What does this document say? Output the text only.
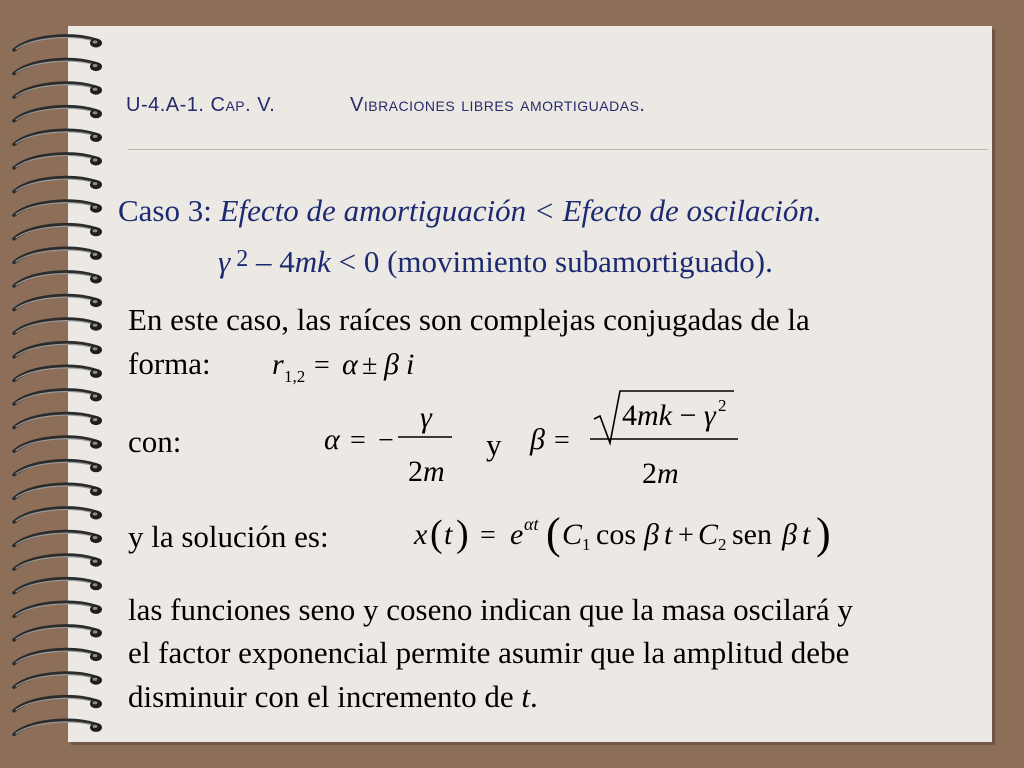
U-4.A-1. Cap. V.	Vibraciones libres amortiguadas.
Caso 3: Efecto de amortiguación < Efecto de oscilación.
γ 2 – 4mk < 0 (movimiento subamortiguado).
En este caso, las raíces son complejas conjugadas de la
forma: r 1,2 = α ± β i
con:	α = −
γ
2m
y β =
4mk − γ 2
2m
y la solución es:	x ( t ) = e αt ( C 1 cos β t + C 2 sen β t )
las funciones seno y coseno indican que la masa oscilará y
el factor exponencial permite asumir que la amplitud debe
disminuir con el incremento de t.
